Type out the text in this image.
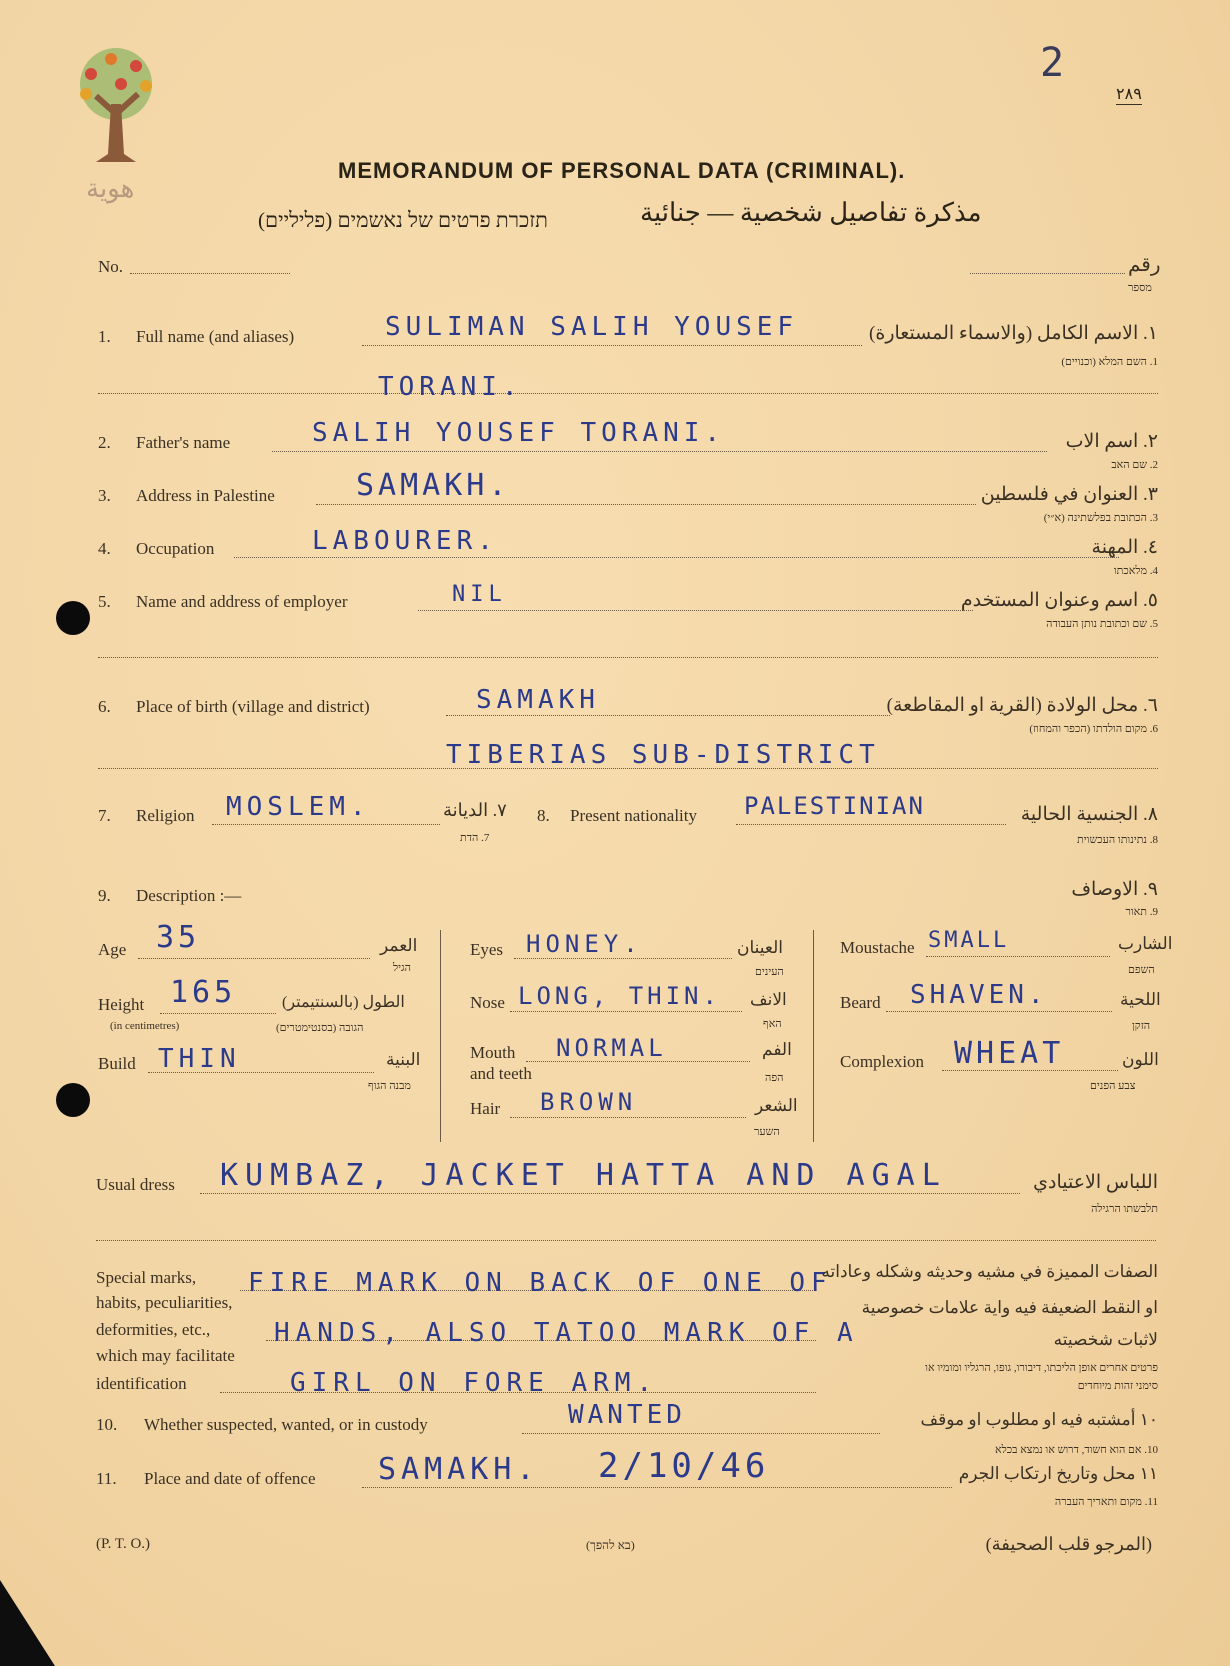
هوية
2
٢٨٩
MEMORANDUM OF PERSONAL DATA (CRIMINAL).
مذكرة تفاصيل شخصية — جنائية
תזכרת פרטים של נאשמים (פליליים)
No.	رقم
מספר
1. Full name (and aliases)	SULIMAN SALIH YOUSEF	١. الاسم الكامل (والاسماء المستعارة)
1. השם המלא (וכנויים)
TORANI.
2. Father's name	SALIH YOUSEF TORANI.	٢. اسم الاب
2. שם האב
3. Address in Palestine	SAMAKH.	٣. العنوان في فلسطين
3. הכתובת בפלשתינה (א״י)
4. Occupation	LABOURER.	٤. المهنة
4. מלאכתו
5. Name and address of employer	NIL	٥. اسم وعنوان المستخدم
5. שם וכתובת נותן העבודה
6. Place of birth (village and district)	SAMAKH	٦. محل الولادة (القرية او المقاطعة)
6. מקום הולדתו (הכפר והמחוז)
TIBERIAS SUB-DISTRICT
7. Religion MOSLEM.	٧. الديانة
7. הדת
8. Present nationality PALESTINIAN	٨. الجنسية الحالية
8. נתינותו העכשוית
9. Description :—	٩. الاوصاف
9. תאור
Age 35	العمر
הגיל
Height 165	الطول (بالسنتيمتر)
(in centimetres)	הגובה (בסנטימטרים)
Build THIN	البنية
מבנה הגוף
Eyes HONEY.	العينان
העינים
Nose LONG, THIN. الانف
האף
Mouth
and teeth
NORMAL	الفم
הפה
Hair BROWN	الشعر
השער
Moustache SMALL	الشارب
השפם
Beard SHAVEN.	اللحية
הזקן
Complexion WHEAT	اللون
צבע הפנים
Usual dress KUMBAZ, JACKET HATTA AND AGAL	اللباس الاعتيادي
תלבשתו הרגילה
Special marks,
habits, peculiarities,
deformities, etc.,
which may facilitate
identification
FIRE MARK ON BACK OF ONE OF
HANDS, ALSO TATOO MARK OF A
GIRL ON FORE ARM.
الصفات المميزة في مشيه وحديثه وشكله وعاداته
او النقط الضعيفة فيه واية علامات خصوصية
لاثبات شخصيته
פרטים אחרים אופן הליכתו, דיבורו, גופו, הרגליו ומומיו או
סימני זהות מיוחדים
10. Whether suspected, wanted, or in custody	WANTED	١٠ أمشتبه فيه او مطلوب او موقف
10. אם הוא חשוד, דרוש או נמצא בכלא
11. Place and date of offence SAMAKH. 2/10/46	١١ محل وتاريخ ارتكاب الجرم
11. מקום ותאריך העברה
(P. T. O.)	(בא להפך)	(المرجو قلب الصحيفة)
